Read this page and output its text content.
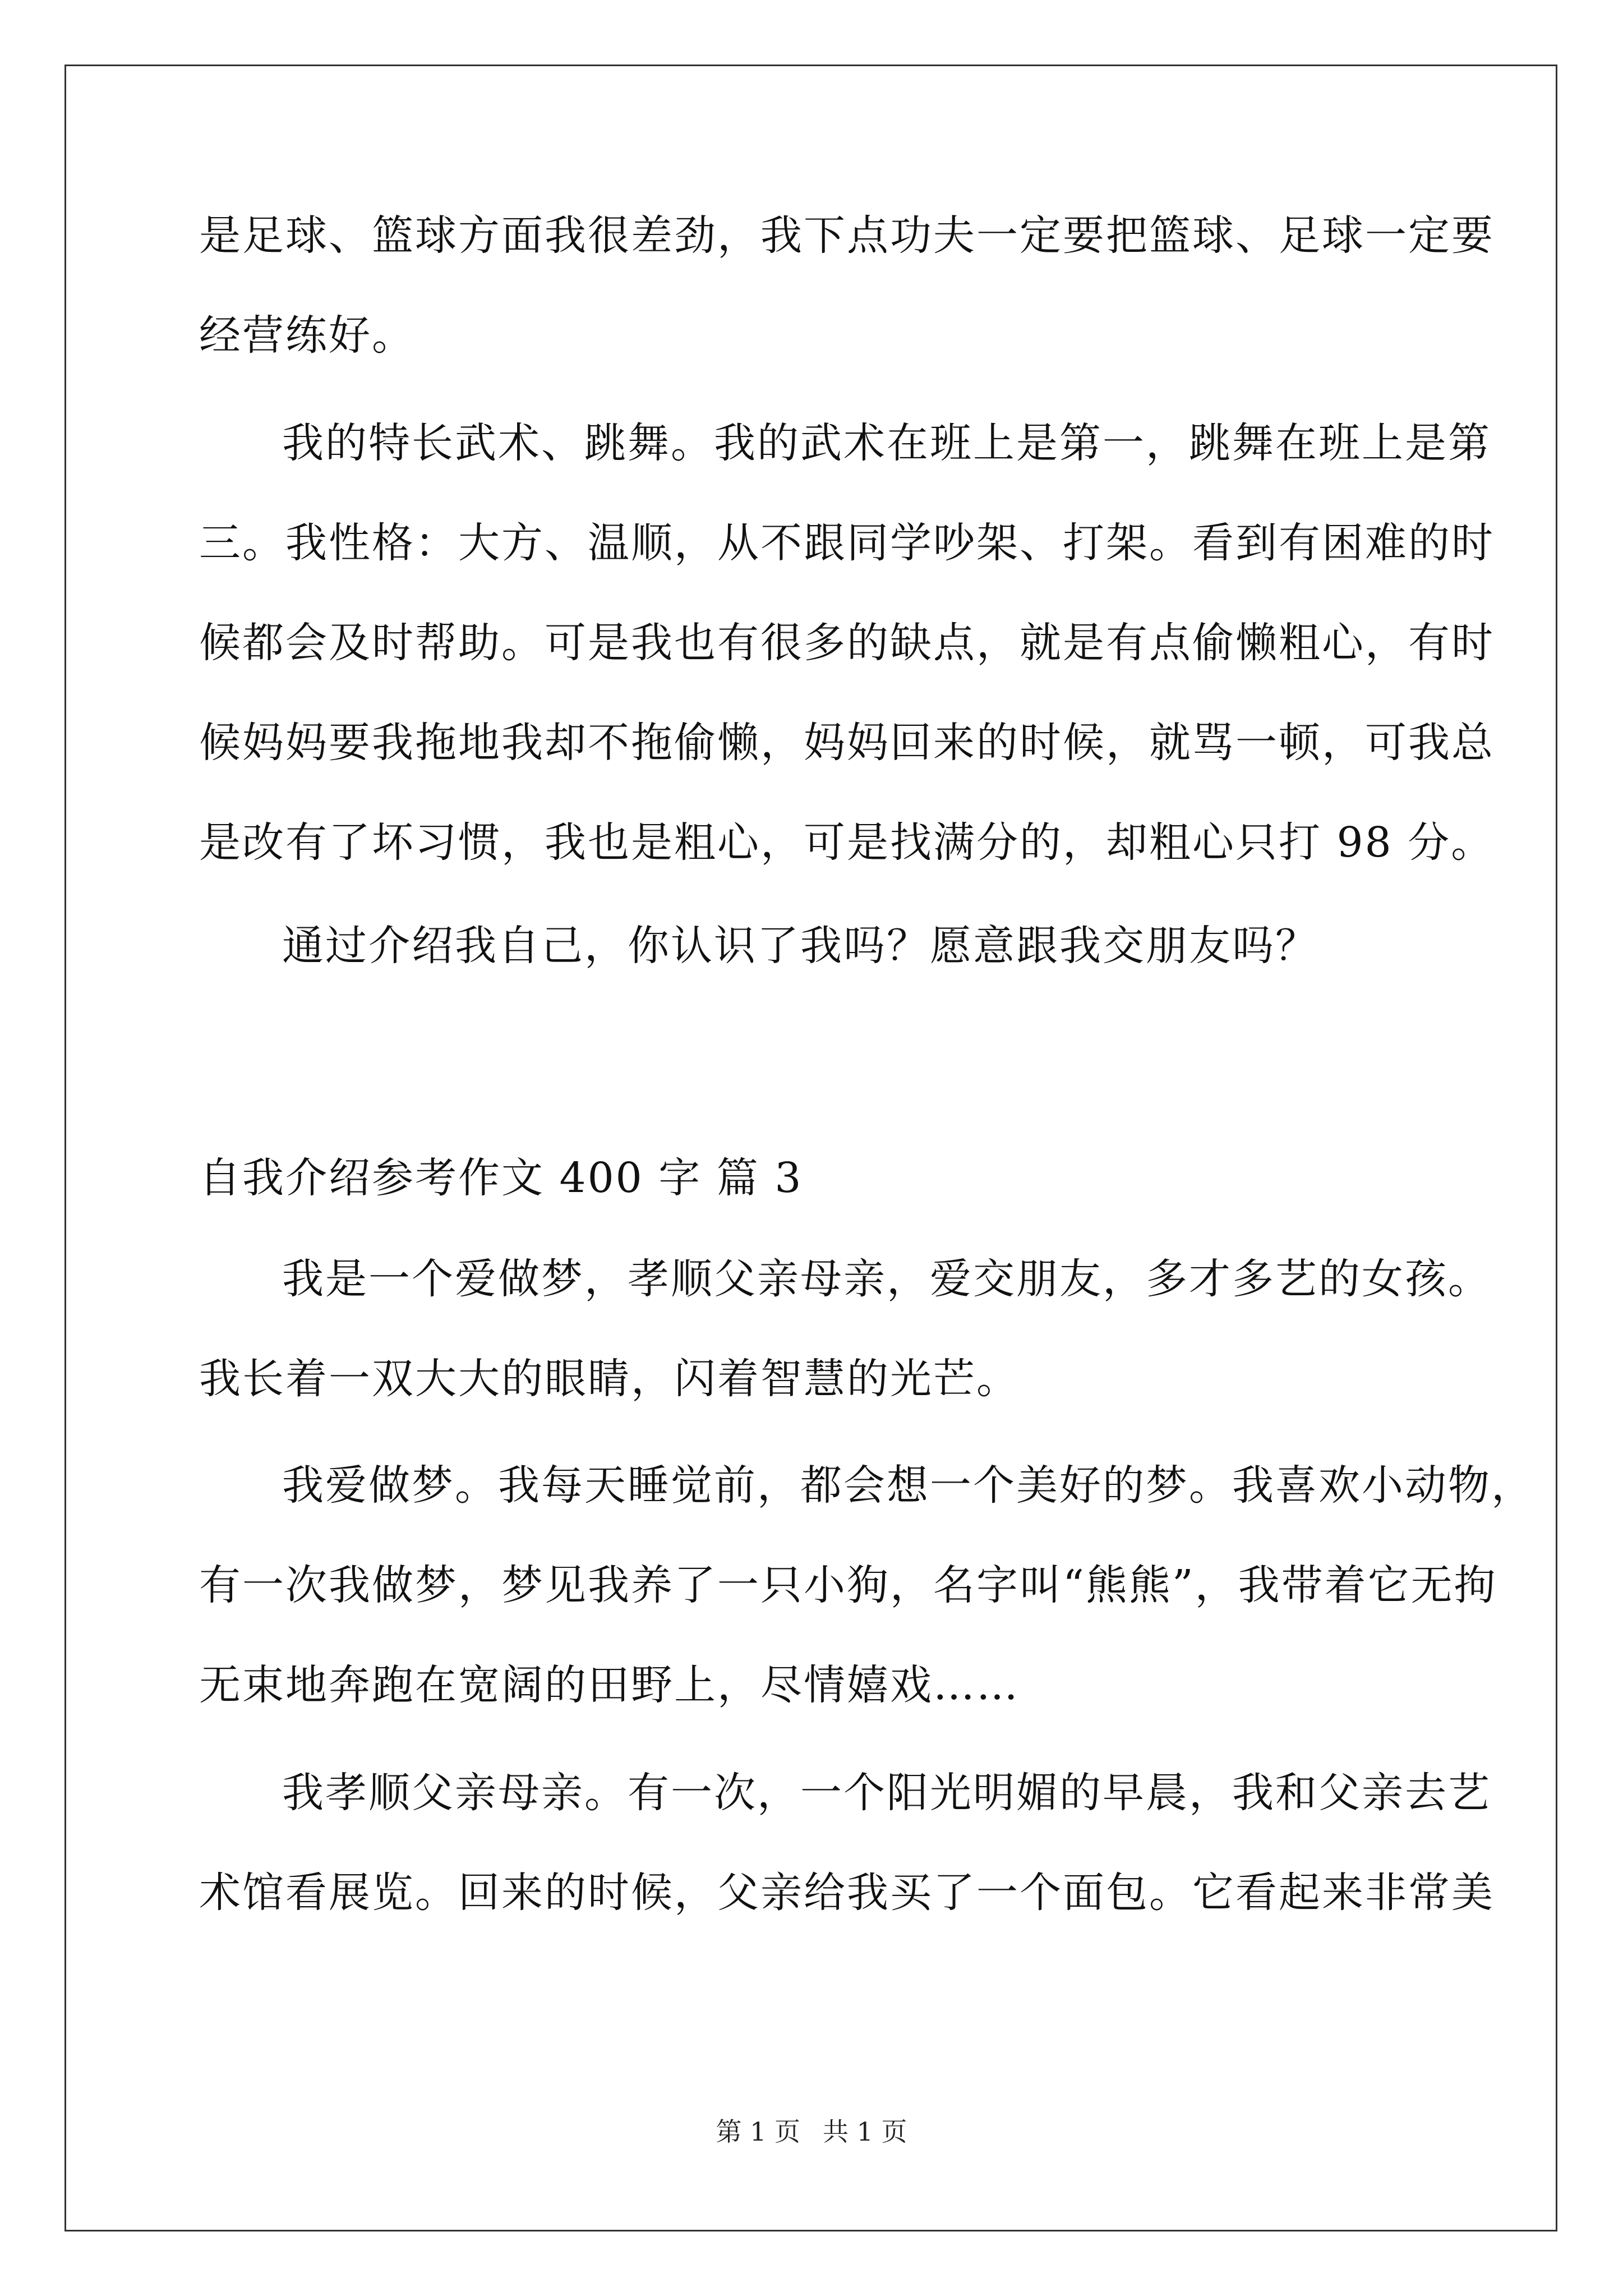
是足球、篮球方面我很差劲，我下点功夫一定要把篮球、足球一定要
经营练好。
我的特长武术、跳舞。我的武术在班上是第一，跳舞在班上是第
三。我性格：大方、温顺，从不跟同学吵架、打架。看到有困难的时
候都会及时帮助。可是我也有很多的缺点，就是有点偷懒粗心，有时
候妈妈要我拖地我却不拖偷懒，妈妈回来的时候，就骂一顿，可我总
是改有了坏习惯，我也是粗心，可是找满分的，却粗心只打 98 分。
通过介绍我自己，你认识了我吗？愿意跟我交朋友吗？
自我介绍参考作文 400 字 篇 3
我是一个爱做梦，孝顺父亲母亲，爱交朋友，多才多艺的女孩。
我长着一双大大的眼睛，闪着智慧的光芒。
我爱做梦。我每天睡觉前，都会想一个美好的梦。我喜欢小动物，
有一次我做梦，梦见我养了一只小狗，名字叫“熊熊”，我带着它无拘
无束地奔跑在宽阔的田野上，尽情嬉戏……
我孝顺父亲母亲。有一次，一个阳光明媚的早晨，我和父亲去艺
术馆看展览。回来的时候，父亲给我买了一个面包。它看起来非常美
第 1 页 共 1 页
